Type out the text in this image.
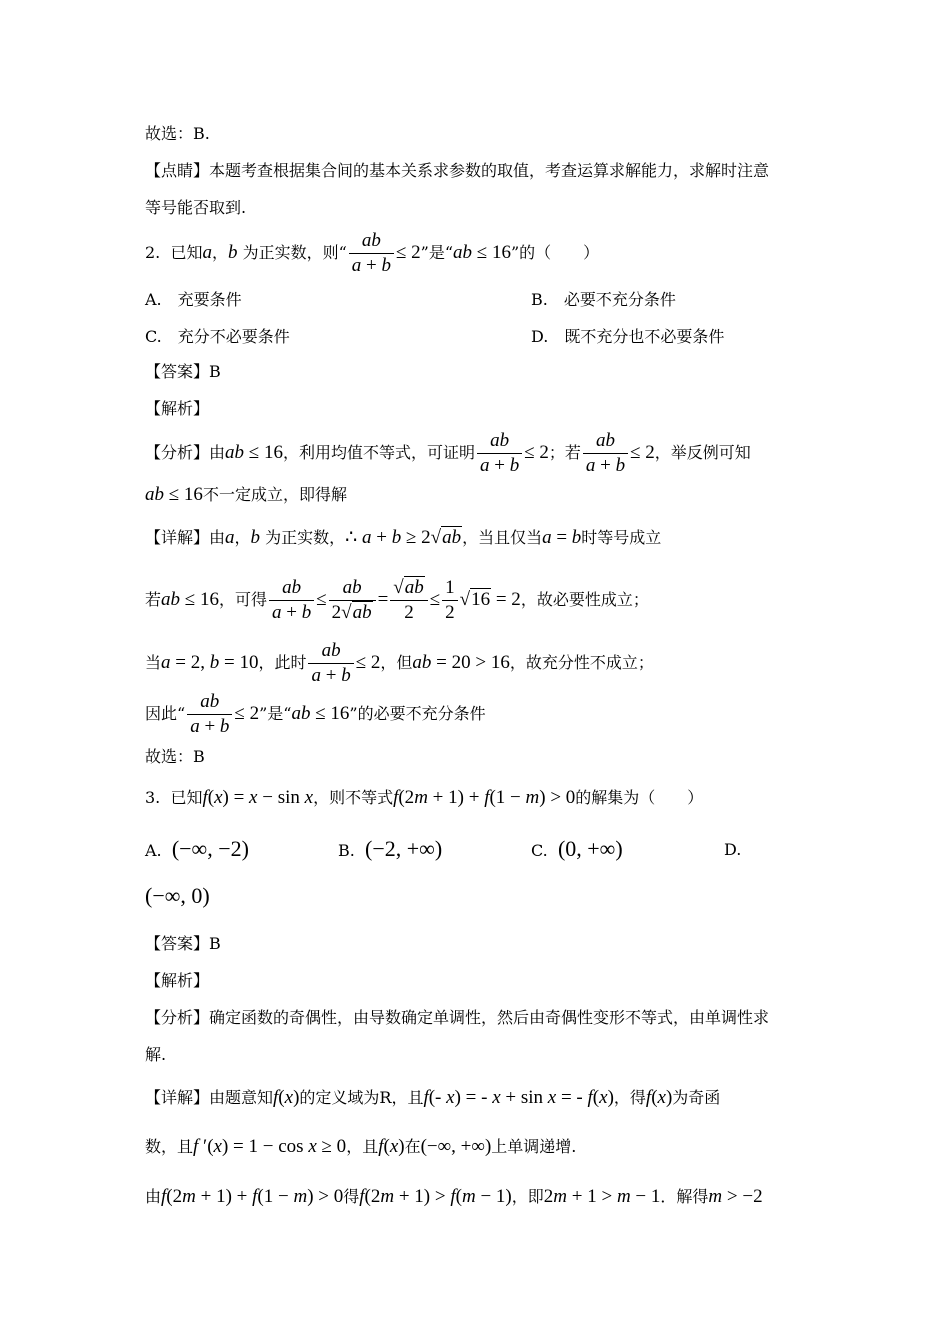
故选：B.
【点睛】本题考查根据集合间的基本关系求参数的取值，考查运算求解能力，求解时注意
等号能否取到.
2. 已知a，b 为正实数，则“ $\frac{ab}{a + b} \le 2$”是“ab ≤ 16”的（　　）
A.　充要条件	B.　必要不充分条件
C.　充分不必要条件	D.　既不充分也不必要条件
【答案】B
【解析】
【分析】由ab ≤ 16，利用均值不等式，可证明 $\frac{ab}{a + b} \le 2$；若 $\frac{ab}{a + b} \le 2$，举反例可知
ab ≤ 16不一定成立，即得解
【详解】由a，b 为正实数，∴ a + b ≥ 2√ab，当且仅当a = b时等号成立
若ab ≤ 16，可得 $\frac{ab}{a + b} \le \frac{ab}{2√ab} = \frac{√ab}{2} \le \frac{1}{2} √16 = 2$，故必要性成立；
当a = 2, b = 10，此时 $\frac{ab}{a + b} \le 2$，但ab = 20 > 16，故充分性不成立；
因此“ $\frac{ab}{a + b} \le 2$”是“ab ≤ 16”的必要不充分条件
故选：B
3. 已知f(x) = x − sin x，则不等式f(2m + 1) + f(1 − m) > 0的解集为（　　）
A. (−∞, −2)	B. (−2, +∞)	C. (0, +∞)	D.
(−∞, 0)
【答案】B
【解析】
【分析】确定函数的奇偶性，由导数确定单调性，然后由奇偶性变形不等式，由单调性求
解.
【详解】由题意知f(x)的定义域为R，且f(- x) = - x + sin x = - f(x)，得f(x)为奇函
数，且f ′(x) = 1 − cos x ≥ 0，且f(x)在(−∞, +∞)上单调递增.
由f(2m + 1) + f(1 − m) > 0得f(2m + 1) > f(m − 1)，即2m + 1 > m − 1．解得m > −2
